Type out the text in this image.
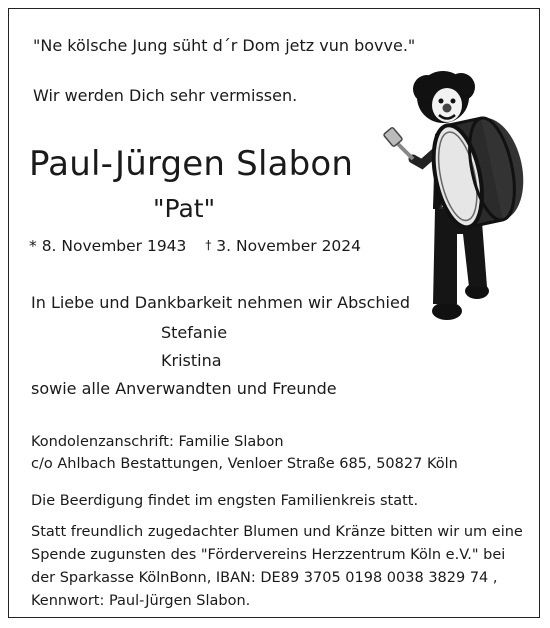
"Ne kölsche Jung süht d´r Dom jetz vun bovve."
Wir werden Dich sehr vermissen.
Paul-Jürgen Slabon
"Pat"
* 8. November 1943 † 3. November 2024
In Liebe und Dankbarkeit nehmen wir Abschied
Stefanie
Kristina
sowie alle Anverwandten und Freunde
Kondolenzanschrift: Familie Slabon
c/o Ahlbach Bestattungen, Venloer Straße 685, 50827 Köln
Die Beerdigung findet im engsten Familienkreis statt.
Statt freundlich zugedachter Blumen und Kränze bitten wir um eine
Spende zugunsten des "Fördervereins Herzzentrum Köln e.V." bei
der Sparkasse KölnBonn, IBAN: DE89 3705 0198 0038 3829 74 ,
Kennwort: Paul-Jürgen Slabon.
